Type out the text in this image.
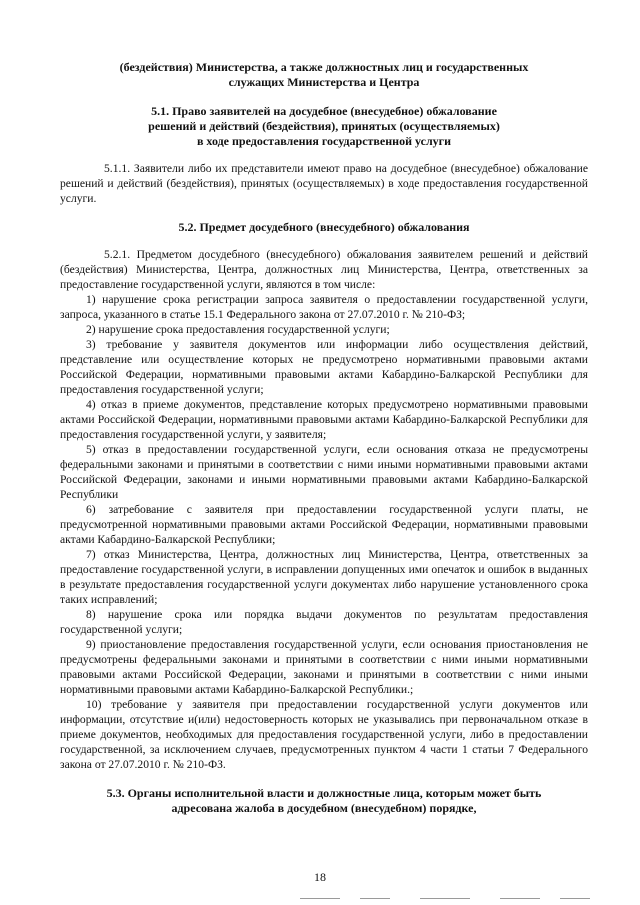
(бездействия) Министерства, а также должностных лиц и государственных
служащих Министерства и Центра
5.1. Право заявителей на досудебное (внесудебное) обжалование
решений и действий (бездействия), принятых (осуществляемых)
в ходе предоставления государственной услуги

5.1.1. Заявители либо их представители имеют право на досудебное (внесудебное) обжалование решений и действий (бездействия), принятых (осуществляемых) в ходе предоставления государственной услуги.

5.2. Предмет досудебного (внесудебного) обжалования

5.2.1. Предметом досудебного (внесудебного) обжалования заявителем решений и действий (бездействия) Министерства, Центра, должностных лиц Министерства, Центра, ответственных за предоставление государственной услуги, являются в том числе:

1) нарушение срока регистрации запроса заявителя о предоставлении государственной услуги, запроса, указанного в статье 15.1 Федерального закона от 27.07.2010 г. № 210-ФЗ;

2) нарушение срока предоставления государственной услуги;

3) требование у заявителя документов или информации либо осуществления действий, представление или осуществление которых не предусмотрено нормативными правовыми актами Российской Федерации, нормативными правовыми актами Кабардино-Балкарской Республики для предоставления государственной услуги;

4) отказ в приеме документов, представление которых предусмотрено нормативными правовыми актами Российской Федерации, нормативными правовыми актами Кабардино-Балкарской Республики для предоставления государственной услуги, у заявителя;

5) отказ в предоставлении государственной услуги, если основания отказа не предусмотрены федеральными законами и принятыми в соответствии с ними иными нормативными правовыми актами Российской Федерации, законами и иными нормативными правовыми актами Кабардино-Балкарской Республики

6) затребование с заявителя при предоставлении государственной услуги платы, не предусмотренной нормативными правовыми актами Российской Федерации, нормативными правовыми актами Кабардино-Балкарской Республики;

7) отказ Министерства, Центра, должностных лиц Министерства, Центра, ответственных за предоставление государственной услуги, в исправлении допущенных ими опечаток и ошибок в выданных в результате предоставления государственной услуги документах либо нарушение установленного срока таких исправлений;

8) нарушение срока или порядка выдачи документов по результатам предоставления государственной услуги;

9) приостановление предоставления государственной услуги, если основания приостановления не предусмотрены федеральными законами и принятыми в соответствии с ними иными нормативными правовыми актами Российской Федерации, законами и принятыми в соответствии с ними иными нормативными правовыми актами Кабардино-Балкарской Республики.;

10) требование у заявителя при предоставлении государственной услуги документов или информации, отсутствие и(или) недостоверность которых не указывались при первоначальном отказе в приеме документов, необходимых для предоставления государственной услуги, либо в предоставлении государственной, за исключением случаев, предусмотренных пунктом 4 части 1 статьи 7 Федерального закона от 27.07.2010 г. № 210-ФЗ.

5.3. Органы исполнительной власти и должностные лица, которым может быть
адресована жалоба в досудебном (внесудебном) порядке,
18
